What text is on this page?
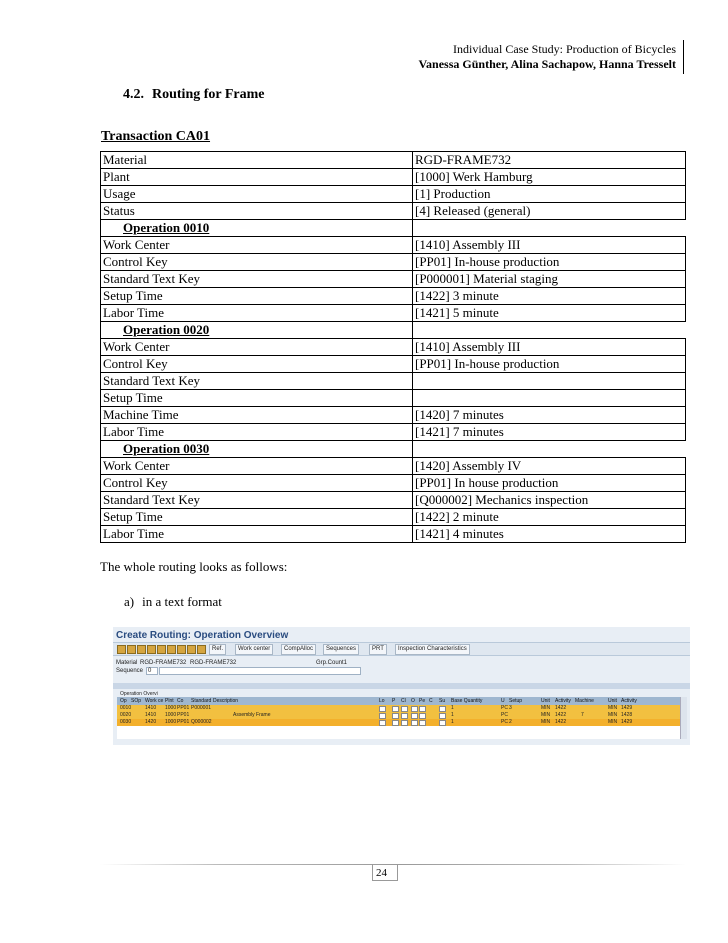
Individual Case Study: Production of Bicycles
Vanessa Günther, Alina Sachapow, Hanna Tresselt
4.2. Routing for Frame
Transaction CA01
Material	RGD-FRAME732
Plant	[1000] Werk Hamburg
Usage	[1] Production
Status	[4] Released (general)
Operation 0010	
Work Center	[1410] Assembly III
Control Key	[PP01] In-house production
Standard Text Key	[P000001] Material staging
Setup Time	[1422] 3 minute
Labor Time	[1421] 5 minute
Operation 0020	
Work Center	[1410] Assembly III
Control Key	[PP01] In-house production
Standard Text Key	
Setup Time	
Machine Time	[1420] 7 minutes
Labor Time	[1421] 7 minutes
Operation 0030	
Work Center	[1420] Assembly IV
Control Key	[PP01] In house production
Standard Text Key	[Q000002] Mechanics inspection
Setup Time	[1422] 2 minute
Labor Time	[1421] 4 minutes
The whole routing looks as follows:
a) in a text format
Create Routing: Operation Overview
Ref.	Work center	CompAlloc	Sequences	PRT	Inspection Characteristics
Material RGD-FRAME732 RGD-FRAME732	Grp.Count1
Sequence 0
Operation Overvi
Op SOp Work ce Plnt Co Standard Description	Lo P Cl O Pe C Su Base Quantity	U Setup	Unit Activity Machine	Unit Activity
0010	1410 1000 PP01 P000001	1	PC 3	MIN 1422	MIN 1429
0020	1410 1000 PP01	Assembly Frame	1	PC	MIN 1422	7	MIN 1428
0030	1420 1000 PP01 Q000002	1	PC 2	MIN 1422	MIN 1429
24
